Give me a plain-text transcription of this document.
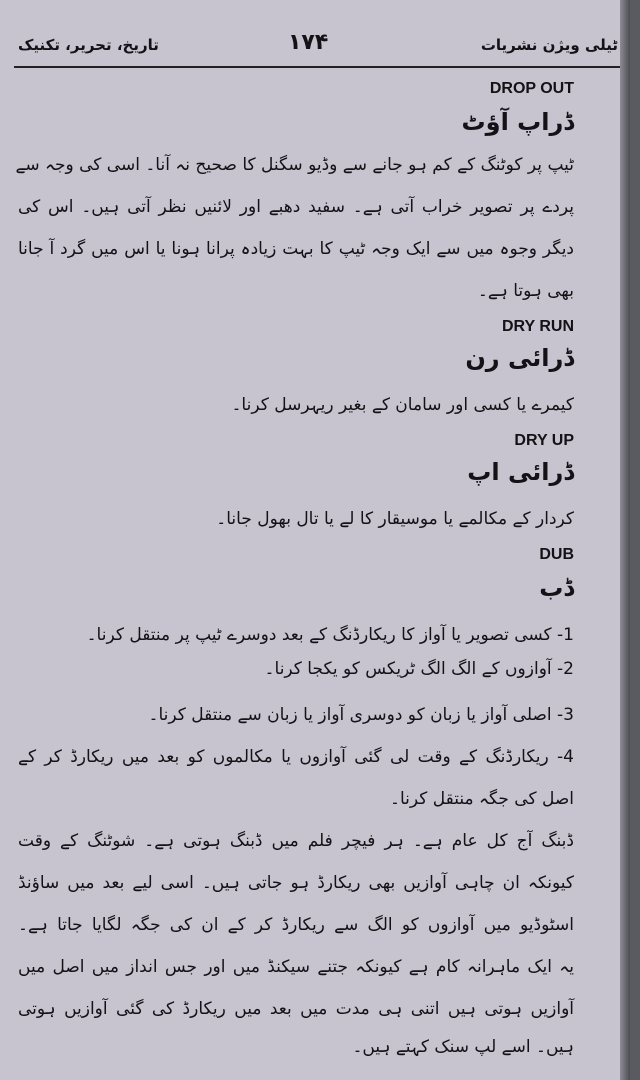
تاریخ، تحریر، تکنیک	۱۷۴	ٹیلی ویژن نشریات
DROP OUT
ڈراپ آؤٹ
ٹیپ پر کوٹنگ کے کم ہو جانے سے وڈیو سگنل کا صحیح نہ آنا۔ اسی کی وجہ سے
پردے پر تصویر خراب آتی ہے۔ سفید دھبے اور لائنیں نظر آتی ہیں۔ اس کی
دیگر وجوہ میں سے ایک وجہ ٹیپ کا بہت زیادہ پرانا ہونا یا اس میں گرد آ جانا
بھی ہوتا ہے۔
DRY RUN
ڈرائی رن
کیمرے یا کسی اور سامان کے بغیر ریہرسل کرنا۔
DRY UP
ڈرائی اپ
کردار کے مکالمے یا موسیقار کا لے یا تال بھول جانا۔
DUB
ڈب
1- کسی تصویر یا آواز کا ریکارڈنگ کے بعد دوسرے ٹیپ پر منتقل کرنا۔
2- آوازوں کے الگ الگ ٹریکس کو یکجا کرنا۔
3- اصلی آواز یا زبان کو دوسری آواز یا زبان سے منتقل کرنا۔
4- ریکارڈنگ کے وقت لی گئی آوازوں یا مکالموں کو بعد میں ریکارڈ کر کے
اصل کی جگہ منتقل کرنا۔
ڈبنگ آج کل عام ہے۔ ہر فیچر فلم میں ڈبنگ ہوتی ہے۔ شوٹنگ کے وقت
کیونکہ ان چاہی آوازیں بھی ریکارڈ ہو جاتی ہیں۔ اسی لیے بعد میں ساؤنڈ
اسٹوڈیو میں آوازوں کو الگ سے ریکارڈ کر کے ان کی جگہ لگایا جاتا ہے۔
یہ ایک ماہرانہ کام ہے کیونکہ جتنے سیکنڈ میں اور جس انداز میں اصل میں
آوازیں ہوتی ہیں اتنی ہی مدت میں بعد میں ریکارڈ کی گئی آوازیں ہوتی
ہیں۔ اسے لپ سنک کہتے ہیں۔
